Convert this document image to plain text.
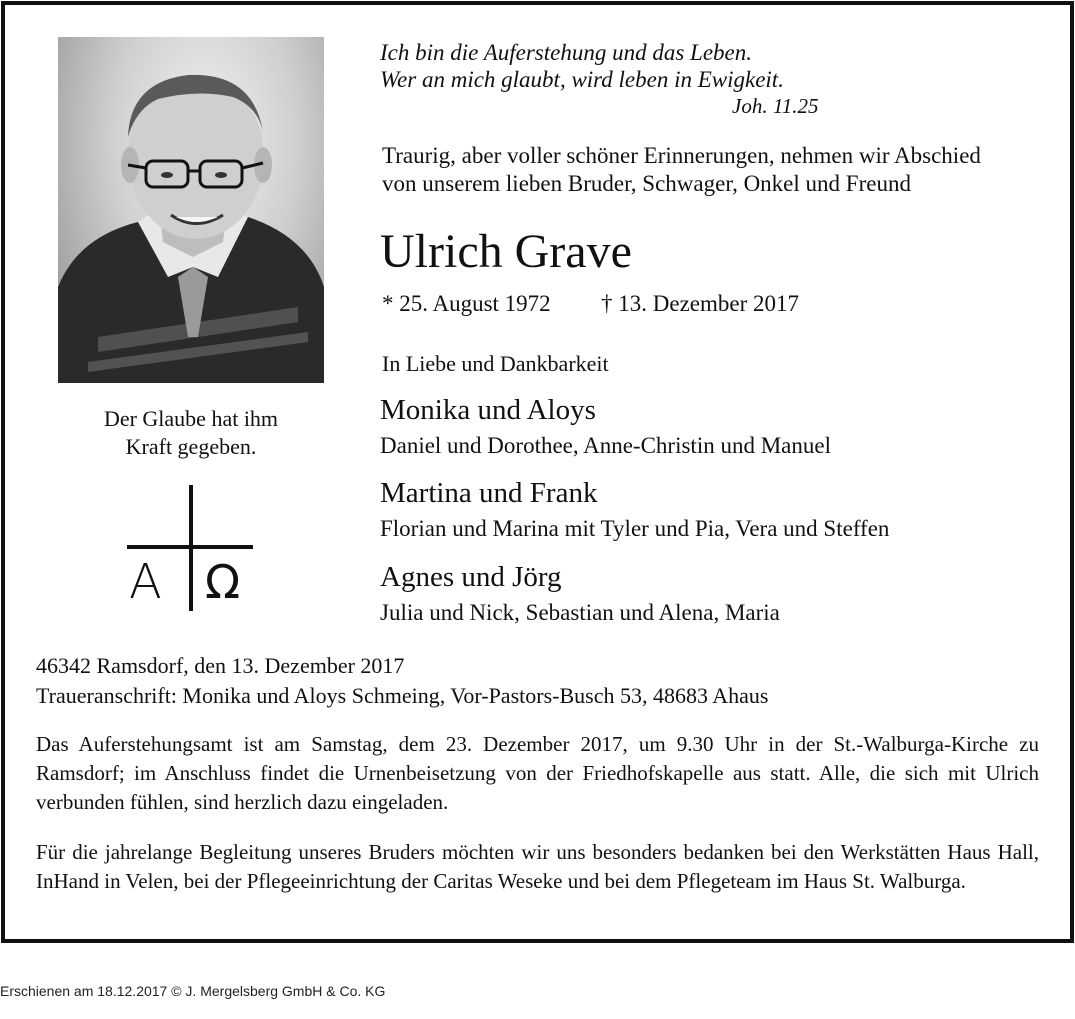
Der Glaube hat ihm
Kraft gegeben.
A Ω
Ich bin die Auferstehung und das Leben.
Wer an mich glaubt, wird leben in Ewigkeit.
Joh. 11.25
Traurig, aber voller schöner Erinnerungen, nehmen wir Abschied
von unserem lieben Bruder, Schwager, Onkel und Freund
Ulrich Grave
* 25. August 1972 † 13. Dezember 2017
In Liebe und Dankbarkeit
Monika und Aloys
Daniel und Dorothee, Anne-Christin und Manuel
Martina und Frank
Florian und Marina mit Tyler und Pia, Vera und Steffen
Agnes und Jörg
Julia und Nick, Sebastian und Alena, Maria
46342 Ramsdorf, den 13. Dezember 2017
Traueranschrift: Monika und Aloys Schmeing, Vor-Pastors-Busch 53, 48683 Ahaus
Das Auferstehungsamt ist am Samstag, dem 23. Dezember 2017, um 9.30 Uhr in der St.-Walburga-Kirche zu Ramsdorf; im Anschluss findet die Urnenbeisetzung von der Friedhofskapelle aus statt. Alle, die sich mit Ulrich verbunden fühlen, sind herzlich dazu eingeladen.
Für die jahrelange Begleitung unseres Bruders möchten wir uns besonders bedanken bei den Werkstätten Haus Hall, InHand in Velen, bei der Pflegeeinrichtung der Caritas Weseke und bei dem Pflegeteam im Haus St. Walburga.
Erschienen am 18.12.2017 © J. Mergelsberg GmbH & Co. KG
